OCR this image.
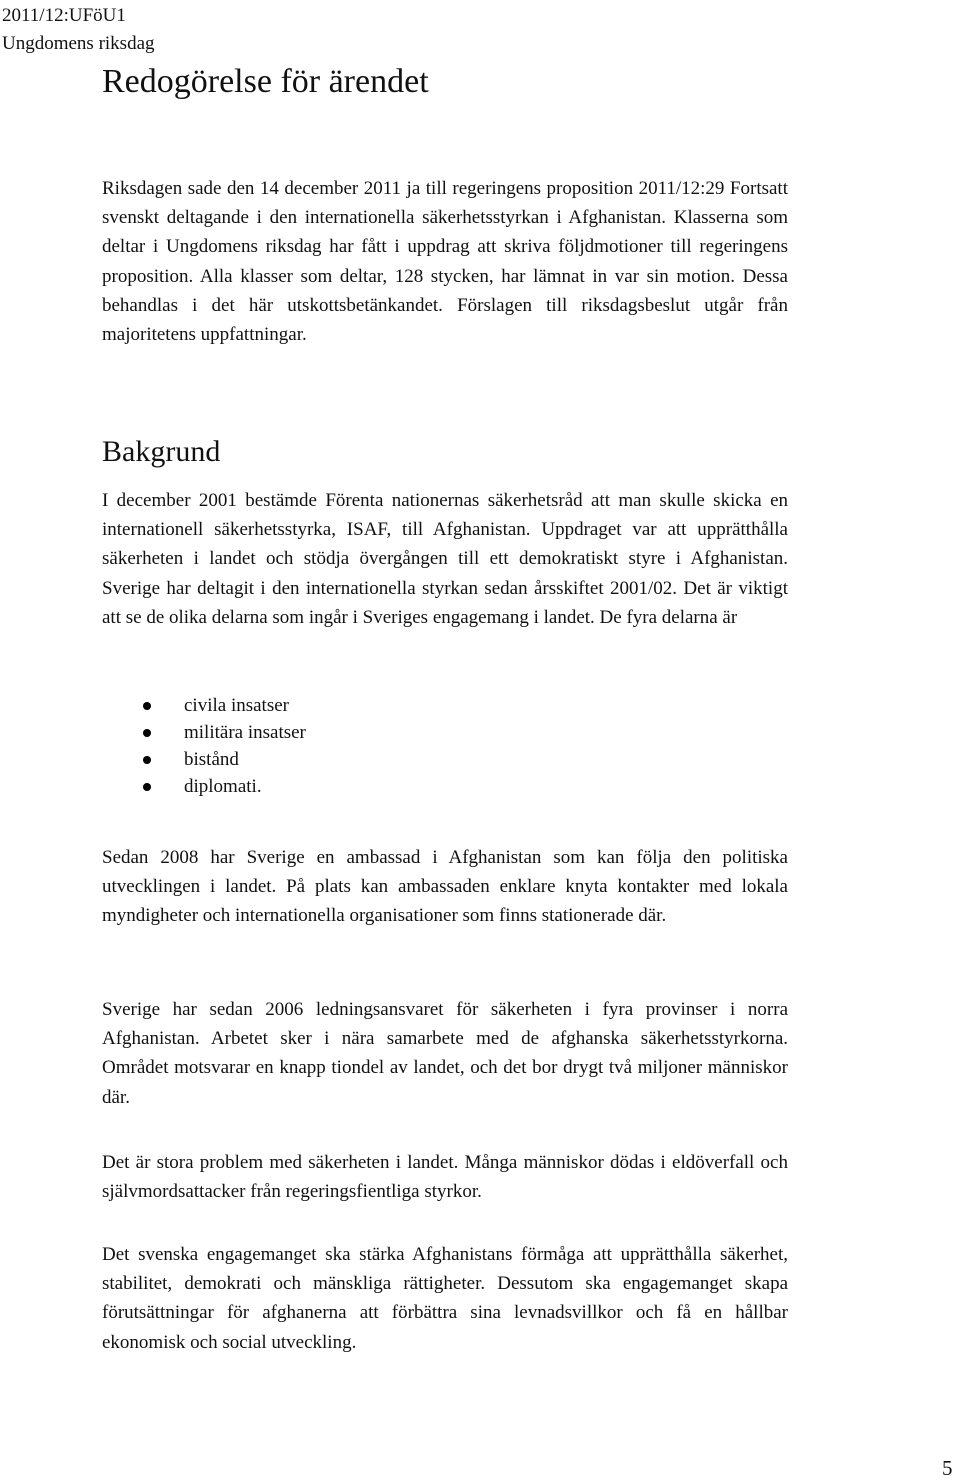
2011/12:UFöU1
Ungdomens riksdag
Redogörelse för ärendet

Riksdagen sade den 14 december 2011 ja till regeringens proposition 2011/12:29 Fortsatt svenskt deltagande i den internationella säkerhetsstyrkan i Afghanistan. Klasserna som deltar i Ungdomens riksdag har fått i uppdrag att skriva följdmotioner till regeringens proposition. Alla klasser som deltar, 128 stycken, har lämnat in var sin motion. Dessa behandlas i det här utskottsbetänkandet. Förslagen till riksdagsbeslut utgår från majoritetens uppfattningar.

Bakgrund

I december 2001 bestämde Förenta nationernas säkerhetsråd att man skulle skicka en internationell säkerhetsstyrka, ISAF, till Afghanistan. Uppdraget var att upprätthålla säkerheten i landet och stödja övergången till ett demokratiskt styre i Afghanistan. Sverige har deltagit i den internationella styrkan sedan årsskiftet 2001/02. Det är viktigt att se de olika delarna som ingår i Sveriges engagemang i landet. De fyra delarna är

civila insatser
militära insatser
bistånd
diplomati.

Sedan 2008 har Sverige en ambassad i Afghanistan som kan följa den politiska utvecklingen i landet. På plats kan ambassaden enklare knyta kontakter med lokala myndigheter och internationella organisationer som finns stationerade där.

Sverige har sedan 2006 ledningsansvaret för säkerheten i fyra provinser i norra Afghanistan. Arbetet sker i nära samarbete med de afghanska säkerhetsstyrkorna. Området motsvarar en knapp tiondel av landet, och det bor drygt två miljoner människor där.

Det är stora problem med säkerheten i landet. Många människor dödas i eldöverfall och självmordsattacker från regeringsfientliga styrkor.

Det svenska engagemanget ska stärka Afghanistans förmåga att upprätthålla säkerhet, stabilitet, demokrati och mänskliga rättigheter. Dessutom ska engagemanget skapa förutsättningar för afghanerna att förbättra sina levnadsvillkor och få en hållbar ekonomisk och social utveckling.

5
